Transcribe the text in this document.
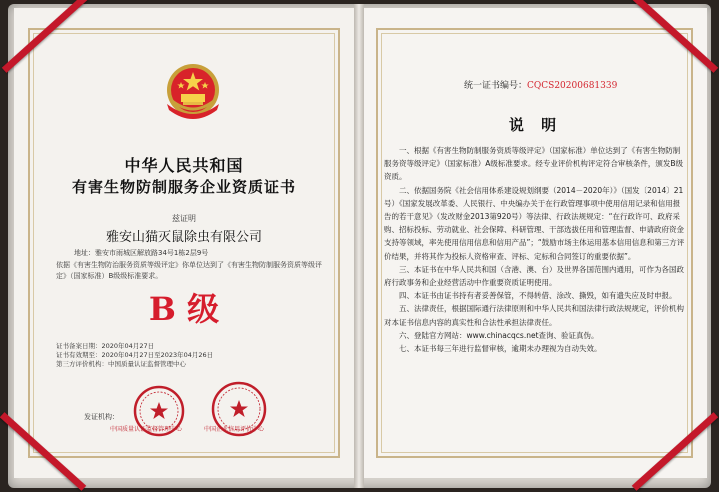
中华人民共和国
有害生物防制服务企业资质证书
兹证明
雅安山猫灭鼠除虫有限公司
地址：雅安市雨城区解放路34号1栋2层9号
依据《有害生物防治服务资质等级评定》你单位达到了《有害生物防制服务资质等级评定》（国家标准）B级级标准要求。
B 级
证书备案日期：2020年04月27日
证书有效期至：2020年04月27日至2023年04月26日
第三方评价机构：中国质量认证监督管理中心
发证机构：
中国质量认证监督管理中心	中国企业信用评价中心
统一证书编号：CQCS20200681339
说 明

一、根据《有害生物防制服务资质等级评定》（国家标准）单位达到了《有害生物防制服务资等级评定》（国家标准）A级标准要求。经专业评价机构评定符合审核条件，颁发B级资质。

二、依据国务院《社会信用体系建设规划纲要（2014－2020年）》（国发〔2014〕21号）《国家发展改革委、人民银行、中央编办关于在行政管理事项中使用信用记录和信用报告的若干意见》（发改财金2013第920号）等法律、行政法规规定：“在行政许可、政府采购、招标投标、劳动就业、社会保障、科研管理、干部选拔任用和管理监督、申请政府资金支持等领域，率先使用信用信息和信用产品”；“鼓励市场主体运用基本信用信息和第三方评价结果，并将其作为投标人资格审查、评标、定标和合同签订的重要依据”。

三、本证书在中华人民共和国（含港、澳、台）及世界各国范围内通用，可作为各国政府行政事务和企业经营活动中作重要资质证明使用。

四、本证书由证书持有者妥善保管，不得转借、涂改、撕毁，如有遗失应及时申报。

五、法律责任，根据国际通行法律原则和中华人民共和国法律行政法规规定，评价机构对本证书信息内容的真实性和合法性承担法律责任。

六、登陆官方网站：www.chinacqcs.net查询、验证真伪。

七、本证书每三年进行监督审核，逾期未办理视为自动失效。
